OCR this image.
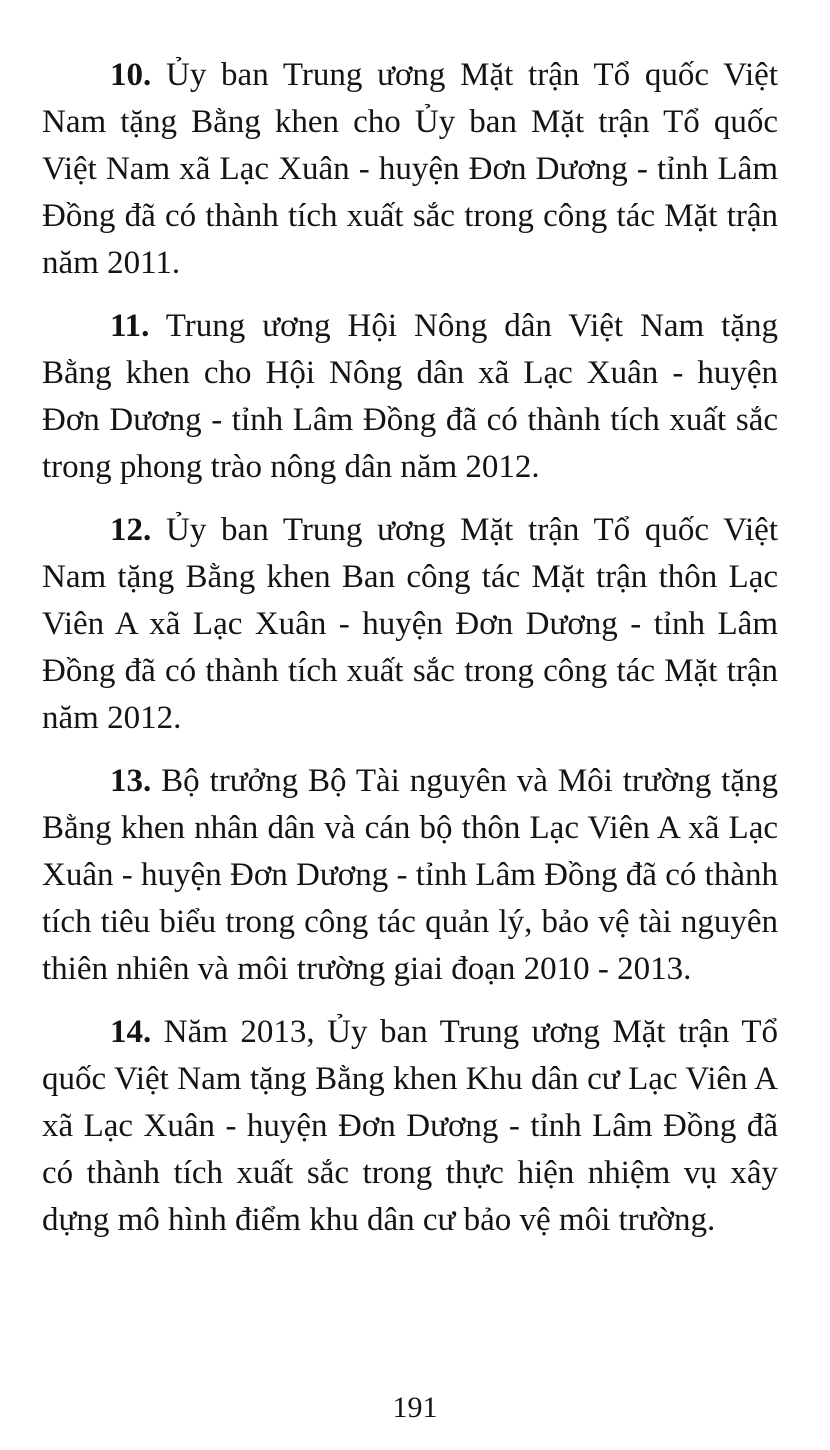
10. Ủy ban Trung ương Mặt trận Tổ quốc Việt Nam tặng Bằng khen cho Ủy ban Mặt trận Tổ quốc Việt Nam xã Lạc Xuân - huyện Đơn Dương - tỉnh Lâm Đồng đã có thành tích xuất sắc trong công tác Mặt trận năm 2011.

11. Trung ương Hội Nông dân Việt Nam tặng Bằng khen cho Hội Nông dân xã Lạc Xuân - huyện Đơn Dương - tỉnh Lâm Đồng đã có thành tích xuất sắc trong phong trào nông dân năm 2012.

12. Ủy ban Trung ương Mặt trận Tổ quốc Việt Nam tặng Bằng khen Ban công tác Mặt trận thôn Lạc Viên A xã Lạc Xuân - huyện Đơn Dương - tỉnh Lâm Đồng đã có thành tích xuất sắc trong công tác Mặt trận năm 2012.

13. Bộ trưởng Bộ Tài nguyên và Môi trường tặng Bằng khen nhân dân và cán bộ thôn Lạc Viên A xã Lạc Xuân - huyện Đơn Dương - tỉnh Lâm Đồng đã có thành tích tiêu biểu trong công tác quản lý, bảo vệ tài nguyên thiên nhiên và môi trường giai đoạn 2010 - 2013.

14. Năm 2013, Ủy ban Trung ương Mặt trận Tổ quốc Việt Nam tặng Bằng khen Khu dân cư Lạc Viên A xã Lạc Xuân - huyện Đơn Dương - tỉnh Lâm Đồng đã có thành tích xuất sắc trong thực hiện nhiệm vụ xây dựng mô hình điểm khu dân cư bảo vệ môi trường.

191
